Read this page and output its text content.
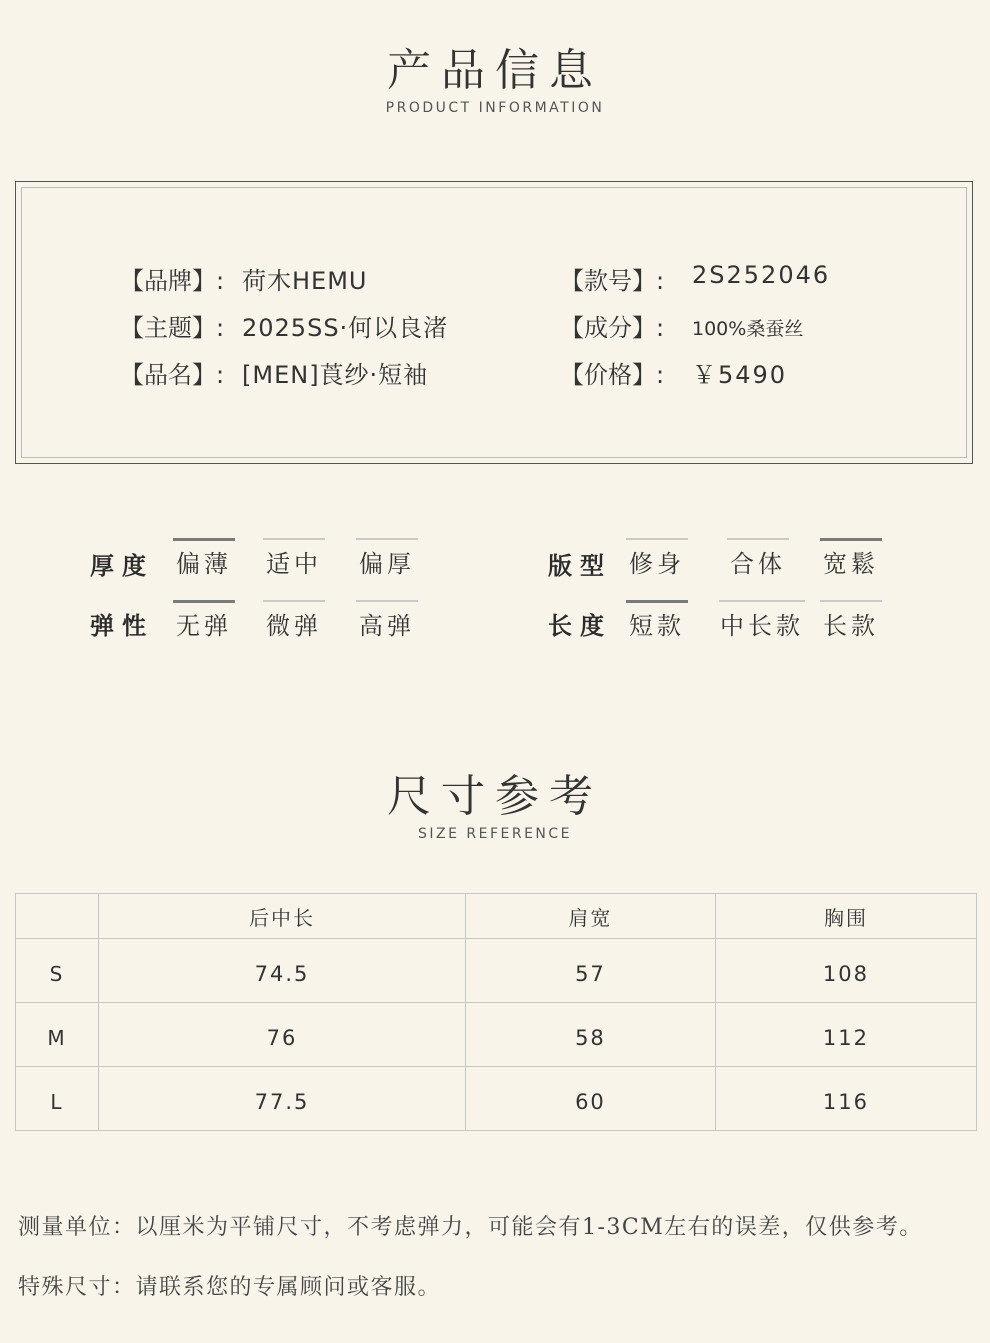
产品信息
PRODUCT INFORMATION
【品牌】: 荷木HEMU
【主题】: 2025SS·何以良渚
【品名】: [MEN]莨纱·短袖
【款号】: 2S252046
【成分】: 100%桑蚕丝
【价格】: ￥5490
厚度 偏薄 适中 偏厚
弹性 无弹 微弹 高弹
版型 修身 合体 宽鬆
长度 短款 中长款 长款
尺寸参考
SIZE REFERENCE
	后中长	肩宽	胸围
S	74.5	57	108
M	76	58	112
L	77.5	60	116
测量单位：以厘米为平铺尺寸，不考虑弹力，可能会有1-3CM左右的误差，仅供参考。
特殊尺寸：请联系您的专属顾问或客服。
